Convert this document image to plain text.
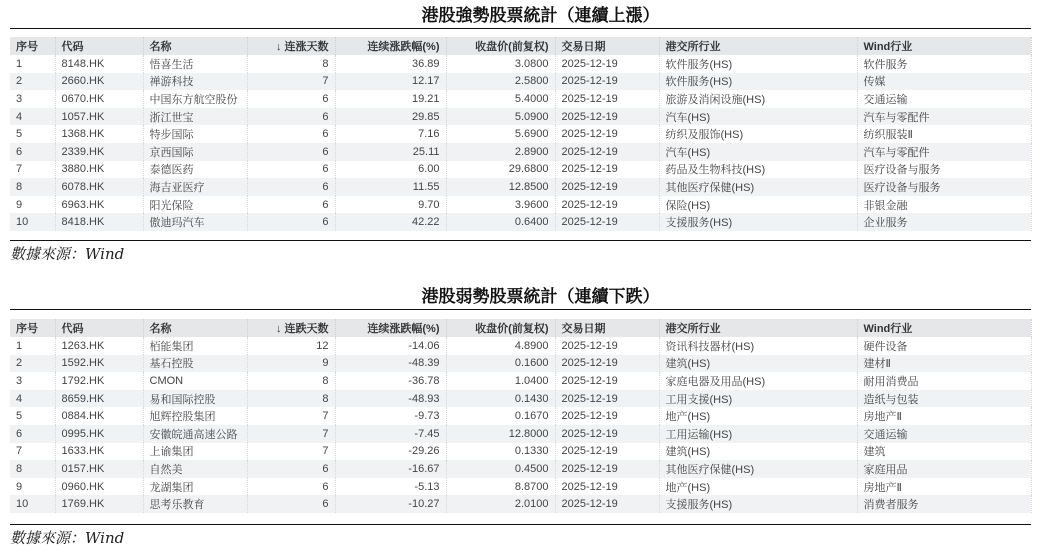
港股強勢股票統計（連續上漲）
序号	代码	名称	↓ 连涨天数	连续涨跌幅(%)	收盘价(前复权)	交易日期	港交所行业	Wind行业
1	8148.HK	悟喜生活	8	36.89	3.0800	2025-12-19	软件服务(HS)	软件服务
2	2660.HK	禅游科技	7	12.17	2.5800	2025-12-19	软件服务(HS)	传媒
3	0670.HK	中国东方航空股份	6	19.21	5.4000	2025-12-19	旅游及消闲设施(HS)	交通运输
4	1057.HK	浙江世宝	6	29.85	5.0900	2025-12-19	汽车(HS)	汽车与零配件
5	1368.HK	特步国际	6	7.16	5.6900	2025-12-19	纺织及服饰(HS)	纺织服装Ⅱ
6	2339.HK	京西国际	6	25.11	2.8900	2025-12-19	汽车(HS)	汽车与零配件
7	3880.HK	泰德医药	6	6.00	29.6800	2025-12-19	药品及生物科技(HS)	医疗设备与服务
8	6078.HK	海吉亚医疗	6	11.55	12.8500	2025-12-19	其他医疗保健(HS)	医疗设备与服务
9	6963.HK	阳光保险	6	9.70	3.9600	2025-12-19	保险(HS)	非银金融
10	8418.HK	傲迪玛汽车	6	42.22	0.6400	2025-12-19	支援服务(HS)	企业服务
數據來源：Wind
港股弱勢股票統計（連續下跌）
序号	代码	名称	↓ 连跌天数	连续涨跌幅(%)	收盘价(前复权)	交易日期	港交所行业	Wind行业
1	1263.HK	栢能集团	12	-14.06	4.8900	2025-12-19	资讯科技器材(HS)	硬件设备
2	1592.HK	基石控股	9	-48.39	0.1600	2025-12-19	建筑(HS)	建材Ⅱ
3	1792.HK	CMON	8	-36.78	1.0400	2025-12-19	家庭电器及用品(HS)	耐用消费品
4	8659.HK	易和国际控股	8	-48.93	0.1430	2025-12-19	工用支援(HS)	造纸与包装
5	0884.HK	旭辉控股集团	7	-9.73	0.1670	2025-12-19	地产(HS)	房地产Ⅱ
6	0995.HK	安徽皖通高速公路	7	-7.45	12.8000	2025-12-19	工用运输(HS)	交通运输
7	1633.HK	上谕集团	7	-29.26	0.1330	2025-12-19	建筑(HS)	建筑
8	0157.HK	自然美	6	-16.67	0.4500	2025-12-19	其他医疗保健(HS)	家庭用品
9	0960.HK	龙湖集团	6	-5.13	8.8700	2025-12-19	地产(HS)	房地产Ⅱ
10	1769.HK	思考乐教育	6	-10.27	2.0100	2025-12-19	支援服务(HS)	消费者服务
數據來源：Wind
